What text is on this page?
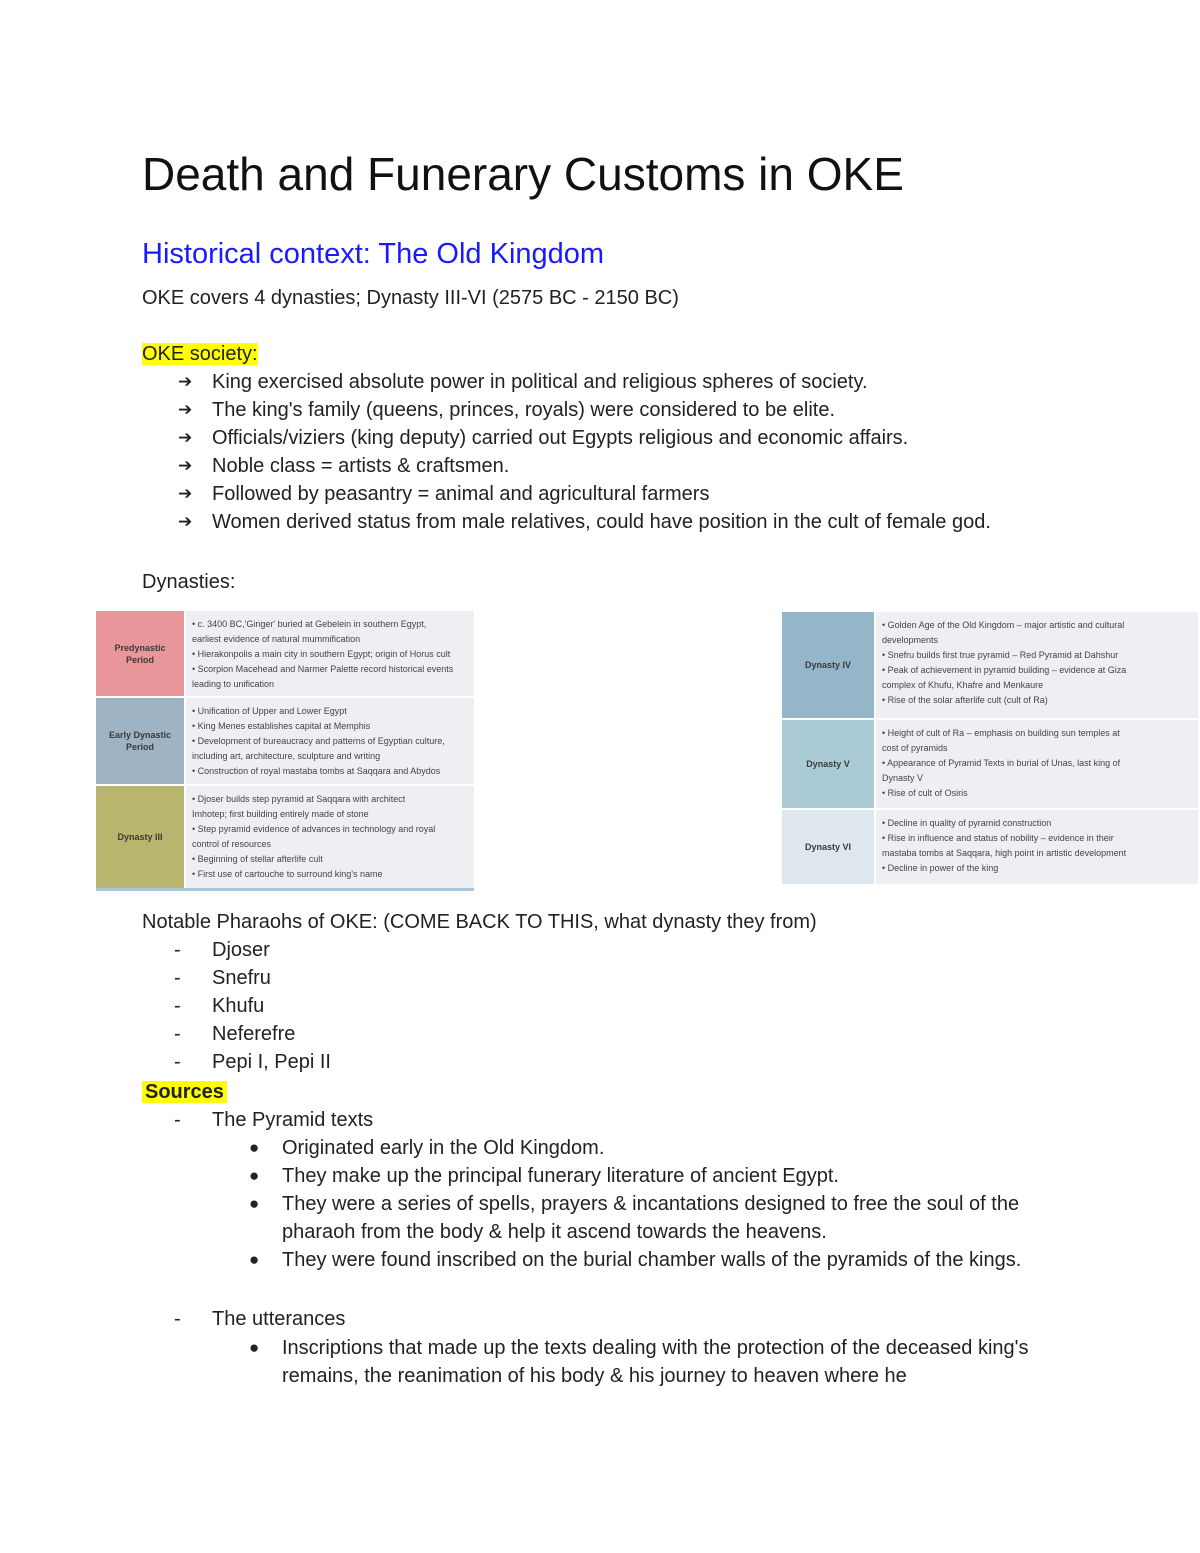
Death and Funerary Customs in OKE
Historical context: The Old Kingdom
OKE covers 4 dynasties; Dynasty III-VI (2575 BC - 2150 BC)
OKE society:
➔ King exercised absolute power in political and religious spheres of society.
➔ The king's family (queens, princes, royals) were considered to be elite.
➔ Officials/viziers (king deputy) carried out Egypts religious and economic affairs.
➔ Noble class = artists & craftsmen.
➔ Followed by peasantry = animal and agricultural farmers
➔ Women derived status from male relatives, could have position in the cult of female god.
Dynasties:
Predynastic Period
• c. 3400 BC,'Ginger' buried at Gebelein in southern Egypt,
earliest evidence of natural mummification
• Hierakonpolis a main city in southern Egypt; origin of Horus cult
• Scorpion Macehead and Narmer Palette record historical events
leading to unification
Early Dynastic Period
• Unification of Upper and Lower Egypt
• King Menes establishes capital at Memphis
• Development of bureaucracy and patterns of Egyptian culture,
including art, architecture, sculpture and writing
• Construction of royal mastaba tombs at Saqqara and Abydos
Dynasty III
• Djoser builds step pyramid at Saqqara with architect
Imhotep; first building entirely made of stone
• Step pyramid evidence of advances in technology and royal
control of resources
• Beginning of stellar afterlife cult
• First use of cartouche to surround king's name
Dynasty IV
• Golden Age of the Old Kingdom – major artistic and cultural
developments
• Snefru builds first true pyramid – Red Pyramid at Dahshur
• Peak of achievement in pyramid building – evidence at Giza
complex of Khufu, Khafre and Menkaure
• Rise of the solar afterlife cult (cult of Ra)
Dynasty V
• Height of cult of Ra – emphasis on building sun temples at
cost of pyramids
• Appearance of Pyramid Texts in burial of Unas, last king of
Dynasty V
• Rise of cult of Osiris
Dynasty VI
• Decline in quality of pyramid construction
• Rise in influence and status of nobility – evidence in their
mastaba tombs at Saqqara, high point in artistic development
• Decline in power of the king
Notable Pharaohs of OKE: (COME BACK TO THIS, what dynasty they from)
- Djoser
- Snefru
- Khufu
- Neferefre
- Pepi I, Pepi II
Sources
- The Pyramid texts
● Originated early in the Old Kingdom.
● They make up the principal funerary literature of ancient Egypt.
● They were a series of spells, prayers & incantations designed to free the soul of the pharaoh from the body & help it ascend towards the heavens.
● They were found inscribed on the burial chamber walls of the pyramids of the kings.
- The utterances
● Inscriptions that made up the texts dealing with the protection of the deceased king's remains, the reanimation of his body & his journey to heaven where he
